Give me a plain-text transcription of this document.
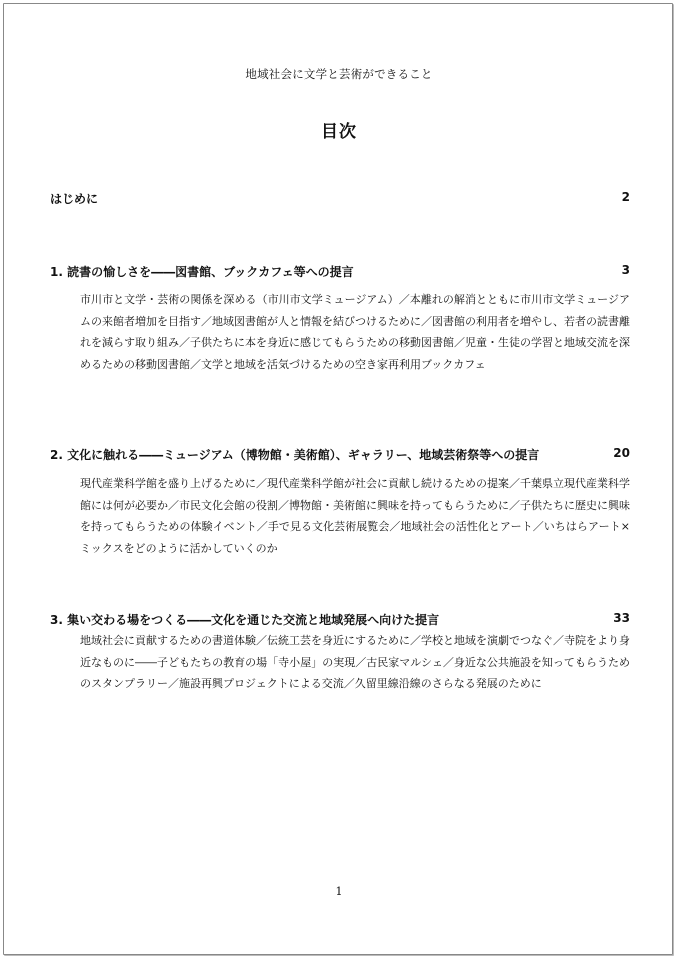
地域社会に文学と芸術ができること
目次
はじめに	2
1. 読書の愉しさを――図書館、ブックカフェ等への提言	3
市川市と文学・芸術の関係を深める（市川市文学ミュージアム）／本離れの解消とともに市川市文学ミュージアムの来館者増加を目指す／地域図書館が人と情報を結びつけるために／図書館の利用者を増やし、若者の読書離れを減らす取り組み／子供たちに本を身近に感じてもらうための移動図書館／児童・生徒の学習と地域交流を深めるための移動図書館／文学と地域を活気づけるための空き家再利用ブックカフェ
2. 文化に触れる――ミュージアム（博物館・美術館）、ギャラリー、地域芸術祭等への提言	20
現代産業科学館を盛り上げるために／現代産業科学館が社会に貢献し続けるための提案／千葉県立現代産業科学館には何が必要か／市民文化会館の役割／博物館・美術館に興味を持ってもらうために／子供たちに歴史に興味を持ってもらうための体験イベント／手で見る文化芸術展覧会／地域社会の活性化とアート／いちはらアート×ミックスをどのように活かしていくのか
3. 集い交わる場をつくる――文化を通じた交流と地域発展へ向けた提言	33
地域社会に貢献するための書道体験／伝統工芸を身近にするために／学校と地域を演劇でつなぐ／寺院をより身近なものに――子どもたちの教育の場「寺小屋」の実現／古民家マルシェ／身近な公共施設を知ってもらうためのスタンプラリー／施設再興プロジェクトによる交流／久留里線沿線のさらなる発展のために
1
